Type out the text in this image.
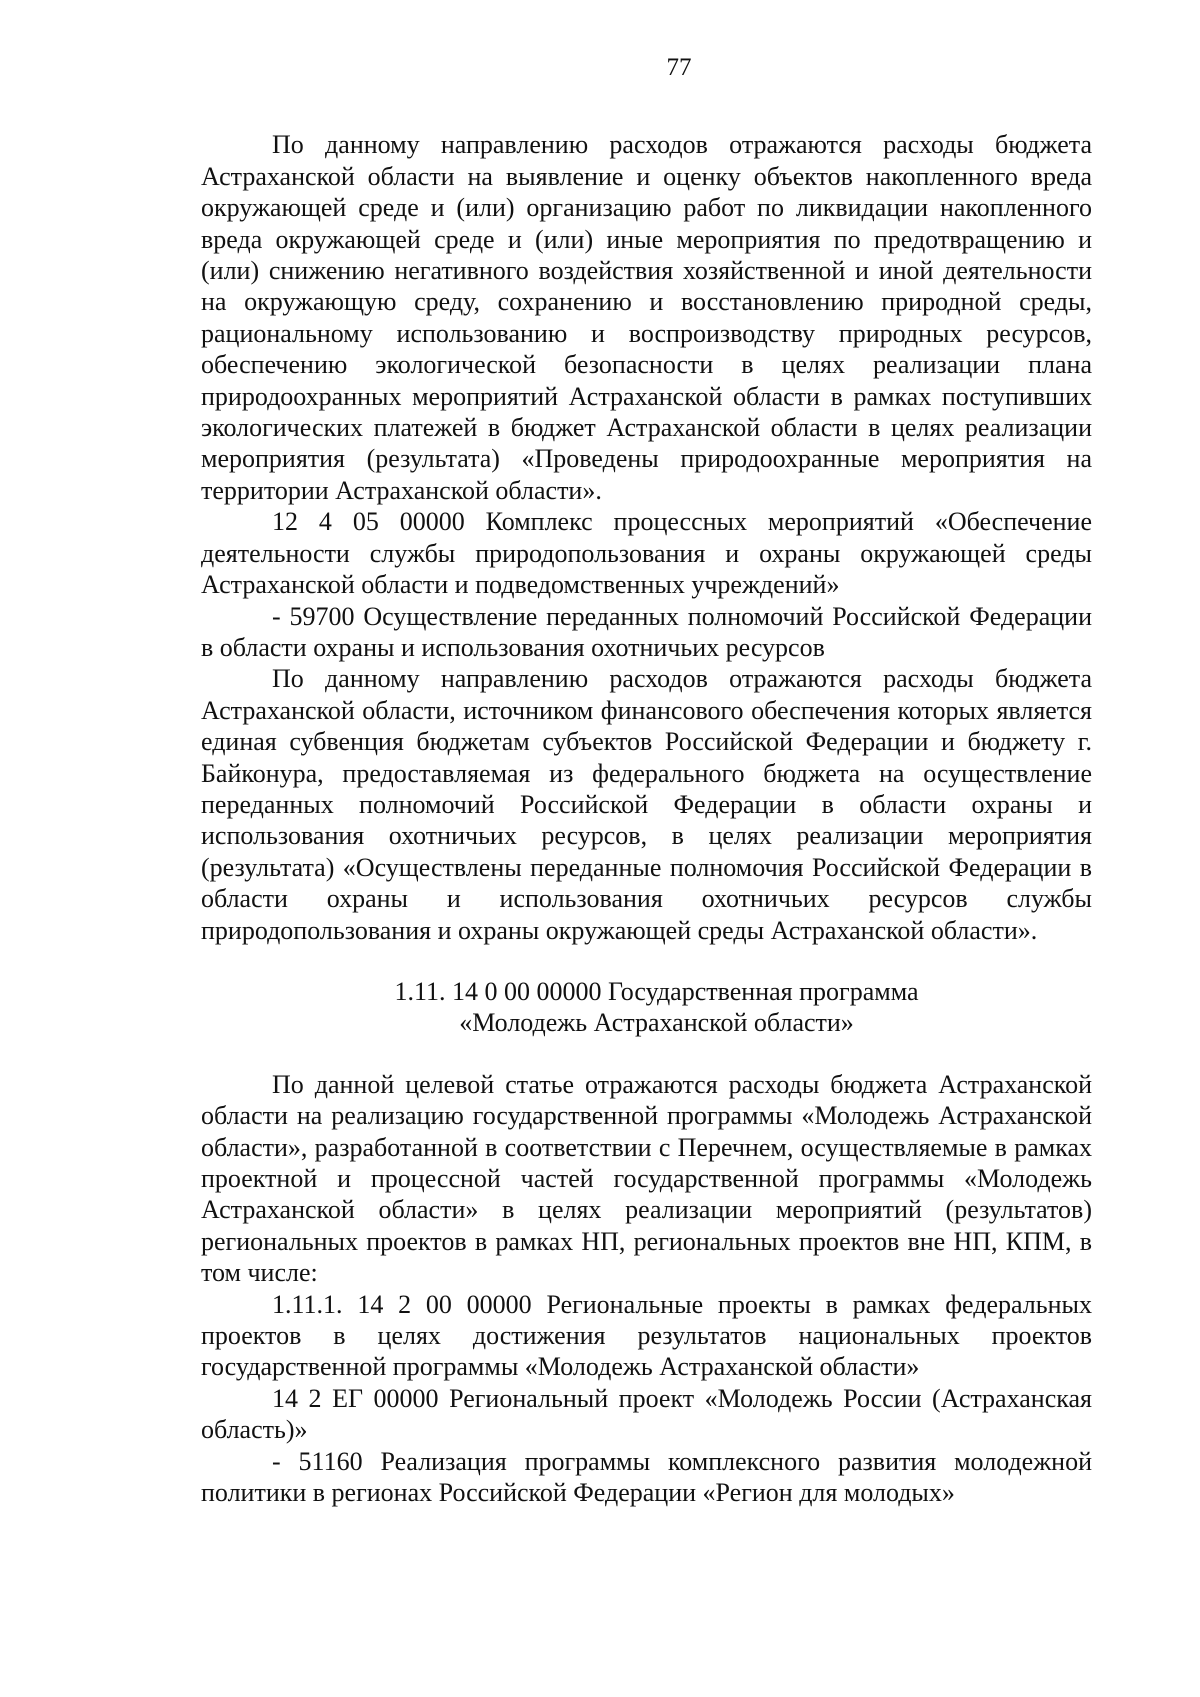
77

По данному направлению расходов отражаются расходы бюджета Астраханской области на выявление и оценку объектов накопленного вреда окружающей среде и (или) организацию работ по ликвидации накопленного вреда окружающей среде и (или) иные мероприятия по предотвращению и (или) снижению негативного воздействия хозяйственной и иной деятельности на окружающую среду, сохранению и восстановлению природной среды, рациональному использованию и воспроизводству природных ресурсов, обеспечению экологической безопасности в целях реализации плана природоохранных мероприятий Астраханской области в рамках поступивших экологических платежей в бюджет Астраханской области в целях реализации мероприятия (результата) «Проведены природоохранные мероприятия на территории Астраханской области».

12 4 05 00000 Комплекс процессных мероприятий «Обеспечение деятельности службы природопользования и охраны окружающей среды Астраханской области и подведомственных учреждений»

- 59700 Осуществление переданных полномочий Российской Федерации в области охраны и использования охотничьих ресурсов

По данному направлению расходов отражаются расходы бюджета Астраханской области, источником финансового обеспечения которых является единая субвенция бюджетам субъектов Российской Федерации и бюджету г. Байконура, предоставляемая из федерального бюджета на осуществление переданных полномочий Российской Федерации в области охраны и использования охотничьих ресурсов, в целях реализации мероприятия (результата) «Осуществлены переданные полномочия Российской Федерации в области охраны и использования охотничьих ресурсов службы природопользования и охраны окружающей среды Астраханской области».

1.11. 14 0 00 00000 Государственная программа

«Молодежь Астраханской области»

По данной целевой статье отражаются расходы бюджета Астраханской области на реализацию государственной программы «Молодежь Астраханской области», разработанной в соответствии с Перечнем, осуществляемые в рамках проектной и процессной частей государственной программы «Молодежь Астраханской области» в целях реализации мероприятий (результатов) региональных проектов в рамках НП, региональных проектов вне НП, КПМ, в том числе:

1.11.1. 14 2 00 00000 Региональные проекты в рамках федеральных проектов в целях достижения результатов национальных проектов государственной программы «Молодежь Астраханской области»

14 2 ЕГ 00000 Региональный проект «Молодежь России (Астраханская область)»

- 51160 Реализация программы комплексного развития молодежной политики в регионах Российской Федерации «Регион для молодых»
